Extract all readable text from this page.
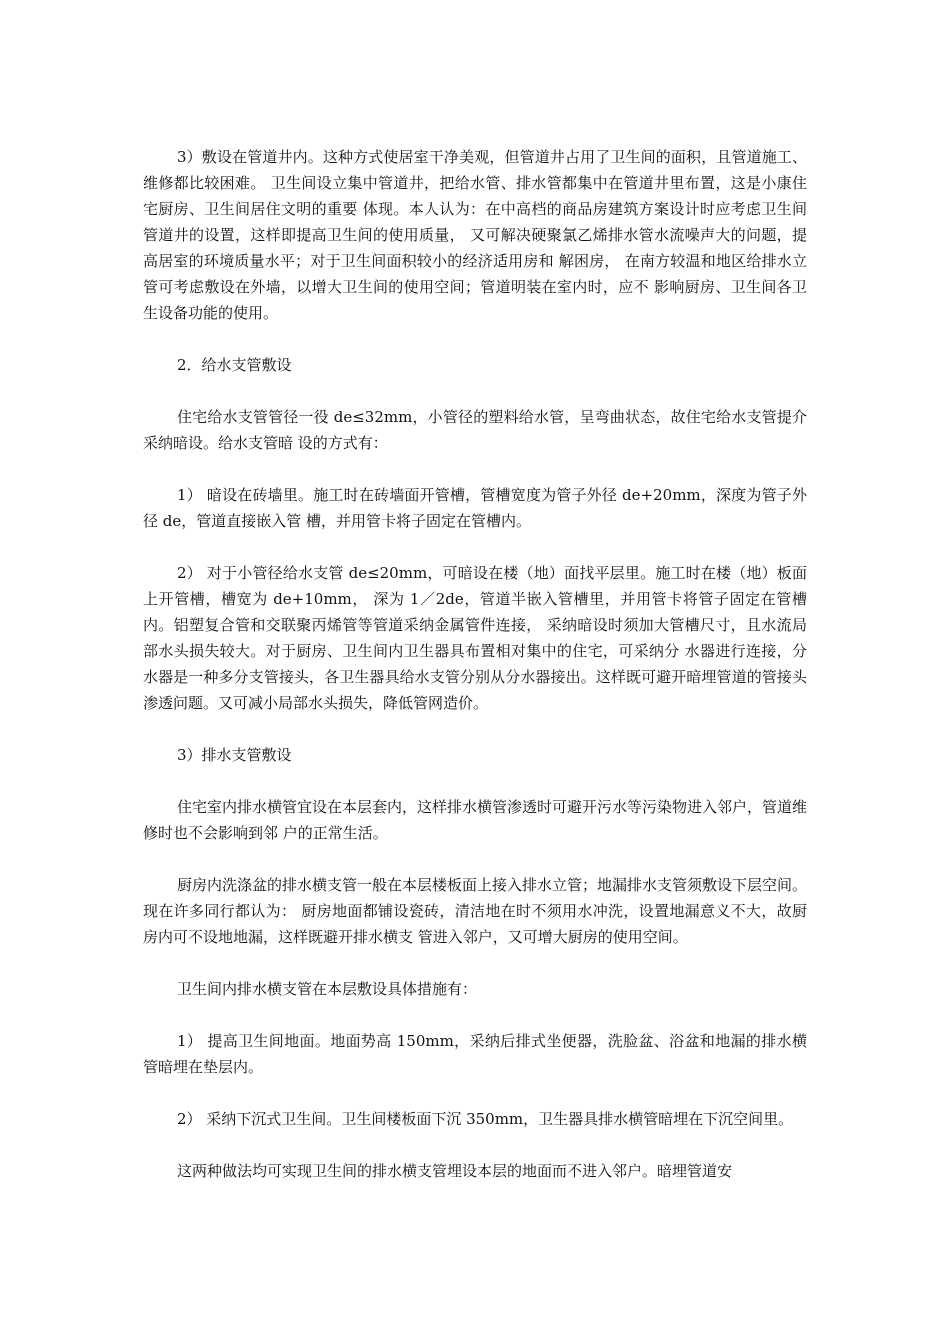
3）敷设在管道井内。这种方式使居室干净美观，但管道井占用了卫生间的面积，且管道施工、维修都比较困难。 卫生间设立集中管道井，把给水管、排水管都集中在管道井里布置，这是小康住宅厨房、卫生间居住文明的重要 体现。本人认为：在中高档的商品房建筑方案设计时应考虑卫生间管道井的设置，这样即提高卫生间的使用质量， 又可解决硬聚氯乙烯排水管水流噪声大的问题，提高居室的环境质量水平；对于卫生间面积较小的经济适用房和 解困房， 在南方较温和地区给排水立管可考虑敷设在外墙，以增大卫生间的使用空间；管道明装在室内时，应不 影响厨房、卫生间各卫生设备功能的使用。

2．给水支管敷设

住宅给水支管管径一役 de≤32mm，小管径的塑料给水管，呈弯曲状态，故住宅给水支管提介采纳暗设。给水支管暗 设的方式有：

1） 暗设在砖墙里。施工时在砖墙面开管槽，管槽宽度为管子外径 de+20mm，深度为管子外径 de，管道直接嵌入管 槽，并用管卡将子固定在管槽内。

2） 对于小管径给水支管 de≤20mm，可暗设在楼（地）面找平层里。施工时在楼（地）板面上开管槽，槽宽为 de+10mm， 深为 1／2de，管道半嵌入管槽里，并用管卡将管子固定在管槽内。铝塑复合管和交联聚丙烯管等管道采纳金属管件连接， 采纳暗设时须加大管槽尺寸，且水流局部水头损失较大。对于厨房、卫生间内卫生器具布置相对集中的住宅，可采纳分 水器进行连接，分水器是一种多分支管接头，各卫生器具给水支管分别从分水器接出。这样既可避开暗埋管道的管接头 渗透问题。又可减小局部水头损失，降低管网造价。

3）排水支管敷设

住宅室内排水横管宜设在本层套内，这样排水横管渗透时可避开污水等污染物进入邻户，管道维修时也不会影响到邻 户的正常生活。

厨房内洗涤盆的排水横支管一般在本层楼板面上接入排水立管；地漏排水支管须敷设下层空间。现在许多同行都认为： 厨房地面都铺设瓷砖，清洁地在时不须用水冲洗，设置地漏意义不大，故厨房内可不设地地漏，这样既避开排水横支 管进入邻户，又可增大厨房的使用空间。

卫生间内排水横支管在本层敷设具体措施有：

1） 提高卫生间地面。地面势高 150mm，采纳后排式坐便器，洗脸盆、浴盆和地漏的排水横管暗埋在垫层内。

2） 采纳下沉式卫生间。卫生间楼板面下沉 350mm，卫生器具排水横管暗埋在下沉空间里。

这两种做法均可实现卫生间的排水横支管埋设本层的地面而不进入邻户。暗埋管道安
